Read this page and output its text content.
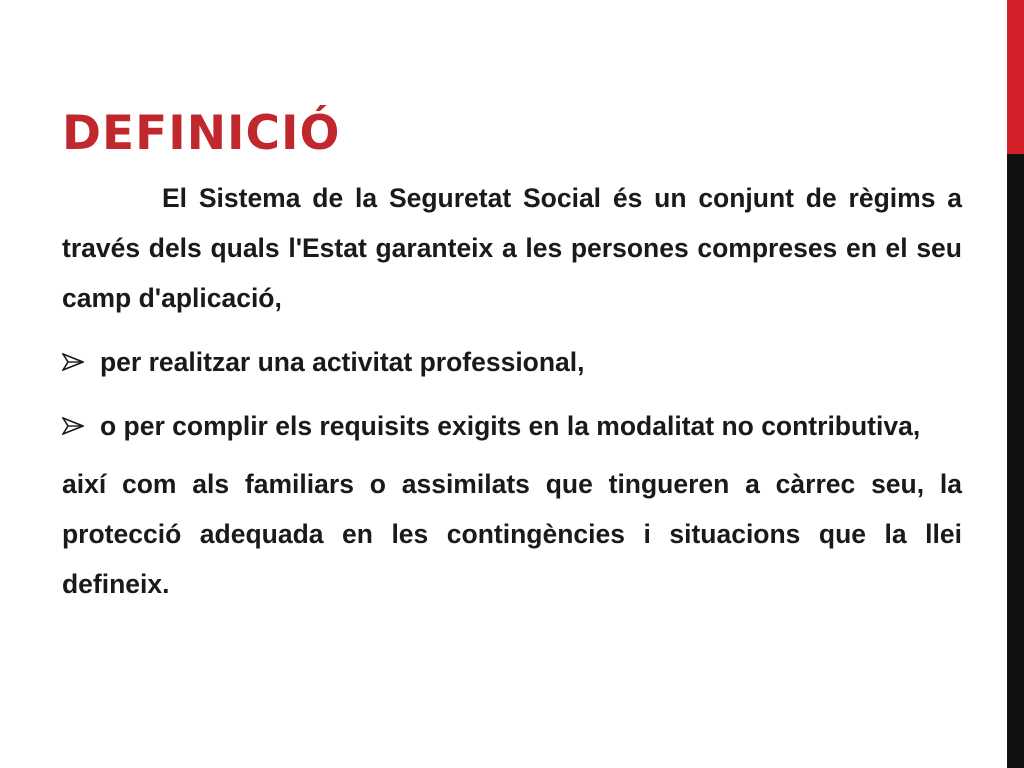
DEFINICIÓ

El Sistema de la Seguretat Social és un conjunt de règims a través dels quals l'Estat garanteix a les persones compreses en el seu camp d'aplicació,

per realitzar una activitat professional,
o per complir els requisits exigits en la modalitat no contributiva,

així com als familiars o assimilats que tingueren a càrrec seu, la protecció adequada en les contingències i situacions que la llei defineix.
